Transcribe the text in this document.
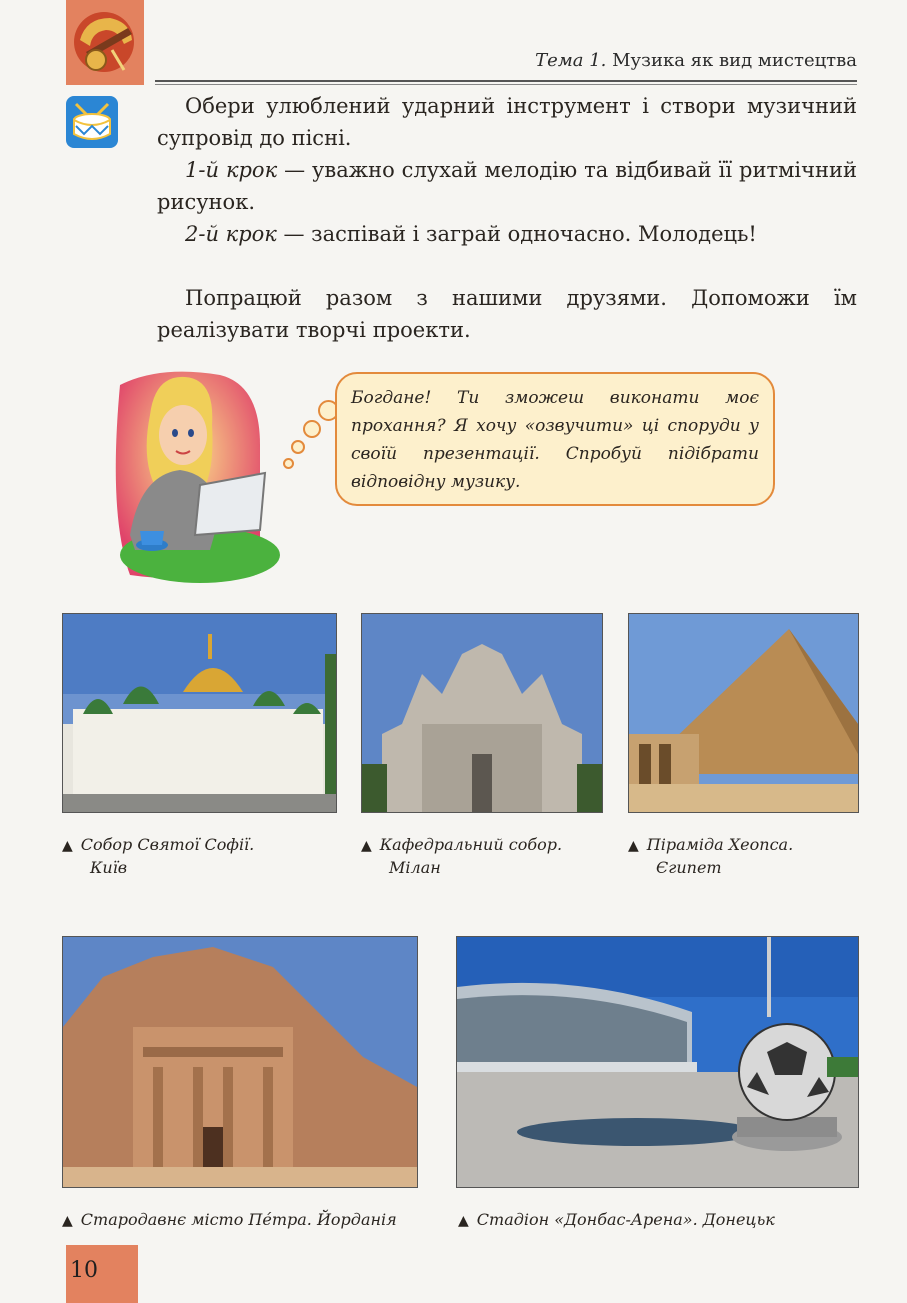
Тема 1. Музика як вид мистецтва

Обери улюблений ударний інструмент і створи музичний супровід до пісні.

1-й крок — уважно слухай мелодію та відбивай її ритмічний рисунок.

2-й крок — заспівай і заграй одночасно. Молодець!

Попрацюй разом з нашими друзями. Допоможи їм реалізувати творчі проекти.

Богдане! Ти зможеш виконати моє прохання? Я хочу «озвучити» ці споруди у своїй презентації. Спробуй підібрати відповідну музику.

▲ Собор Святої Софії.
Київ
▲ Кафедральний собор.
Мілан
▲ Піраміда Хеопса.
Єгипет
▲ Стародавнє місто Пéтра. Йорданія	▲ Стадіон «Донбас-Арена». Донецьк
10
